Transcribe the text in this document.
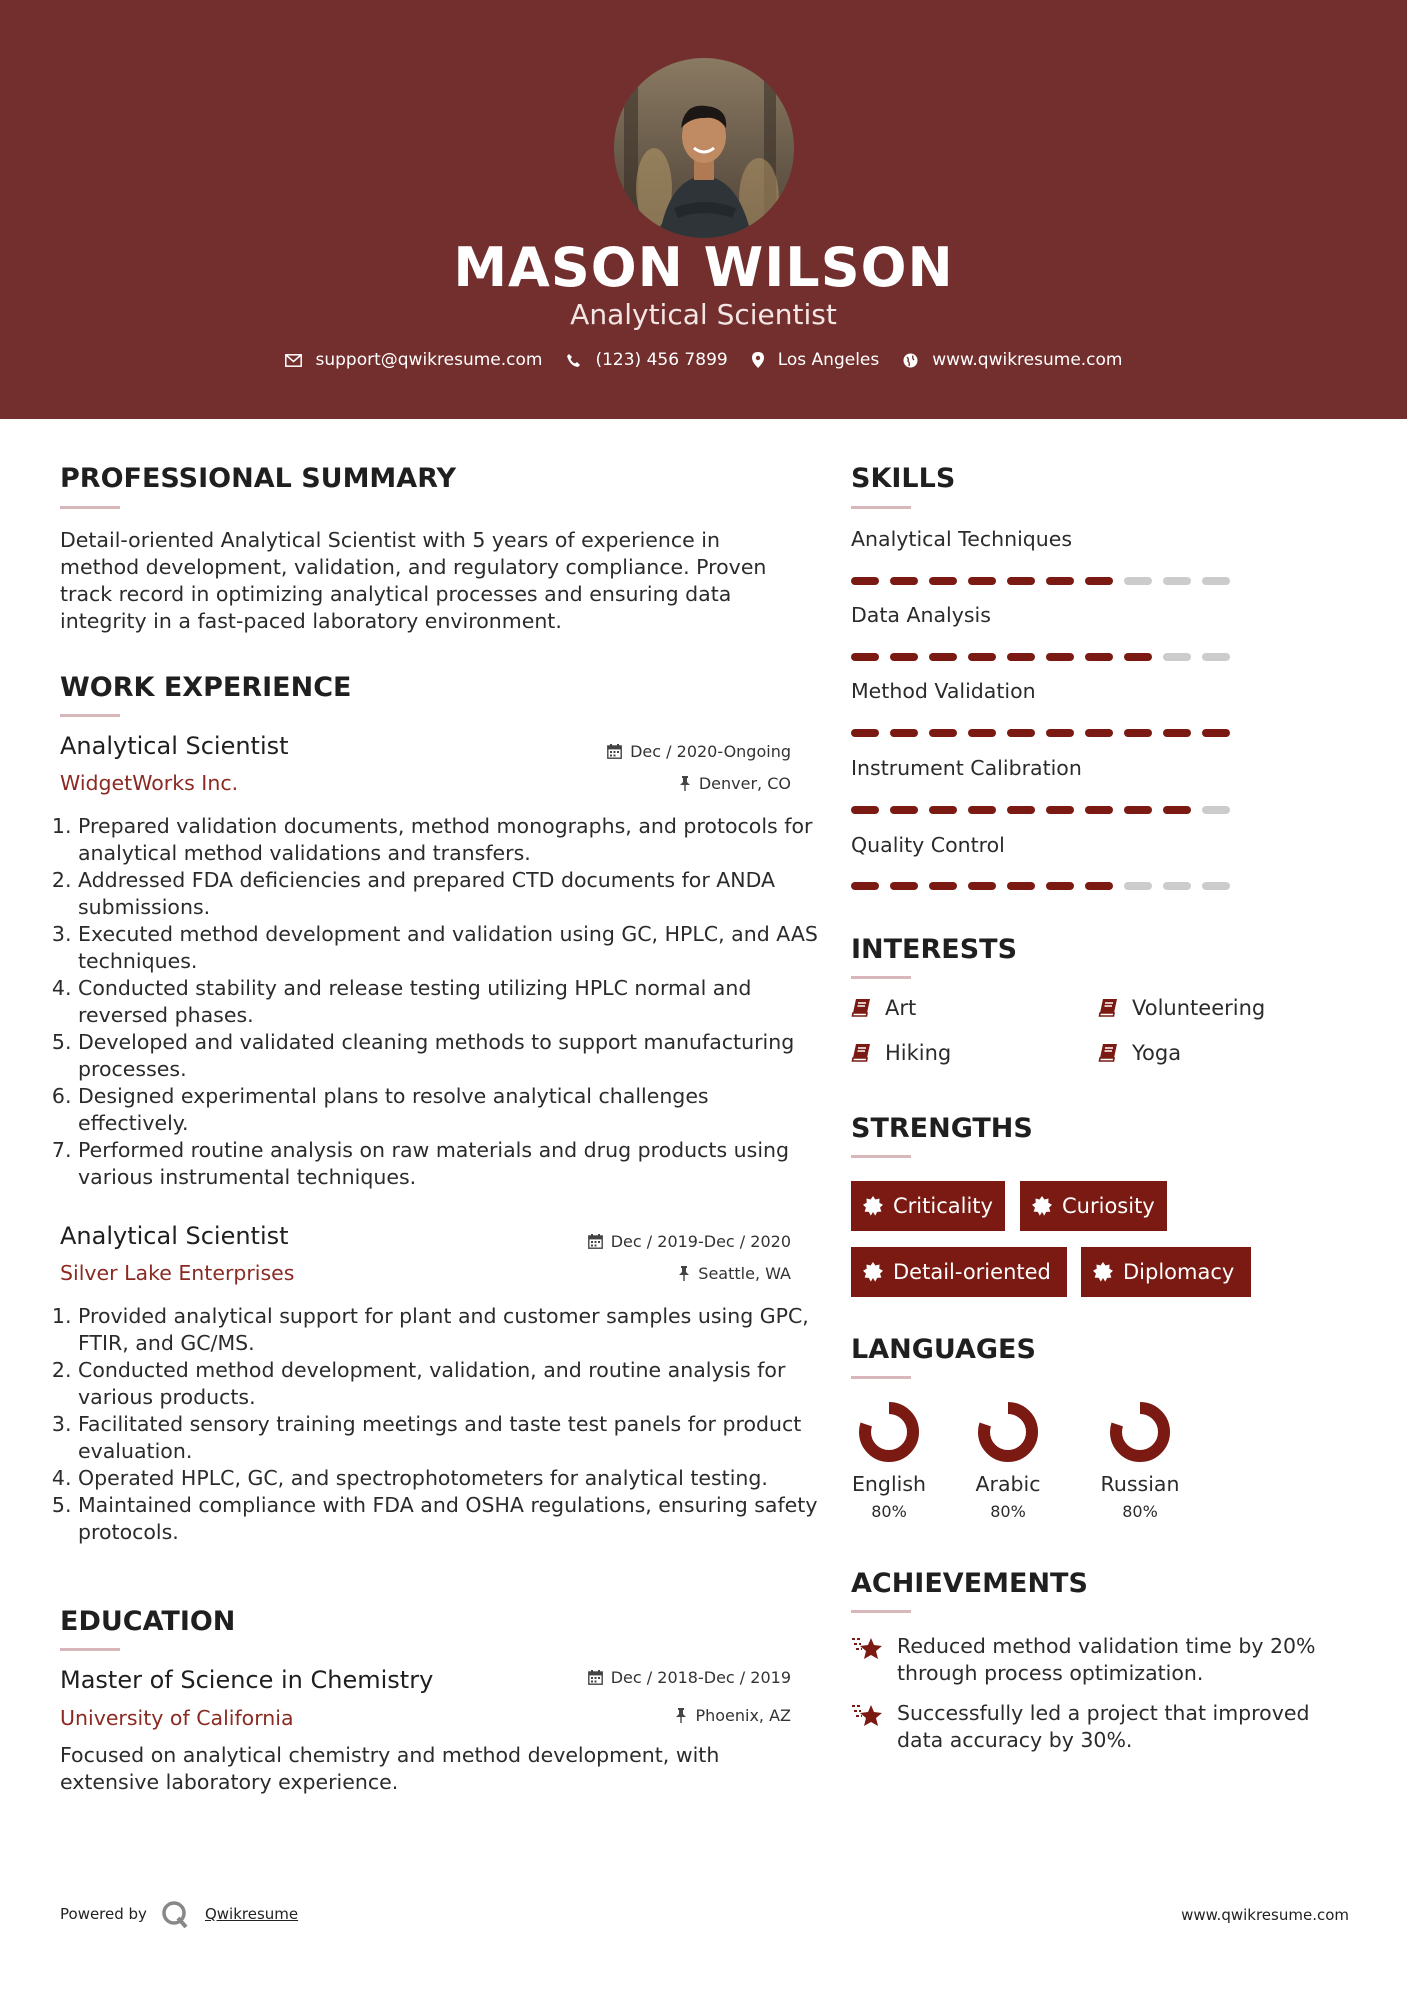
MASON WILSON
Analytical Scientist
support@qwikresume.com	(123) 456 7899	Los Angeles	www.qwikresume.com
PROFESSIONAL SUMMARY
Detail-oriented Analytical Scientist with 5 years of experience in method development, validation, and regulatory compliance. Proven track record in optimizing analytical processes and ensuring data integrity in a fast-paced laboratory environment.
WORK EXPERIENCE
Analytical Scientist
WidgetWorks Inc.
Dec / 2020-Ongoing
Denver, CO
1. Prepared validation documents, method monographs, and protocols for analytical method validations and transfers.
2. Addressed FDA deficiencies and prepared CTD documents for ANDA submissions.
3. Executed method development and validation using GC, HPLC, and AAS techniques.
4. Conducted stability and release testing utilizing HPLC normal and reversed phases.
5. Developed and validated cleaning methods to support manufacturing processes.
6. Designed experimental plans to resolve analytical challenges effectively.
7. Performed routine analysis on raw materials and drug products using various instrumental techniques.
Analytical Scientist
Silver Lake Enterprises
Dec / 2019-Dec / 2020
Seattle, WA
1. Provided analytical support for plant and customer samples using GPC, FTIR, and GC/MS.
2. Conducted method development, validation, and routine analysis for various products.
3. Facilitated sensory training meetings and taste test panels for product evaluation.
4. Operated HPLC, GC, and spectrophotometers for analytical testing.
5. Maintained compliance with FDA and OSHA regulations, ensuring safety protocols.
EDUCATION
Master of Science in Chemistry
University of California
Dec / 2018-Dec / 2019
Phoenix, AZ
Focused on analytical chemistry and method development, with extensive laboratory experience.
SKILLS
Analytical Techniques
Data Analysis
Method Validation
Instrument Calibration
Quality Control
INTERESTS
Art	Volunteering
Hiking	Yoga
STRENGTHS
Criticality	Curiosity
Detail-oriented	Diplomacy
LANGUAGES
English
80%
Arabic
80%
Russian
80%
ACHIEVEMENTS
Reduced method validation time by 20% through process optimization.
Successfully led a project that improved data accuracy by 30%.
Powered by	Qwikresume	www.qwikresume.com
